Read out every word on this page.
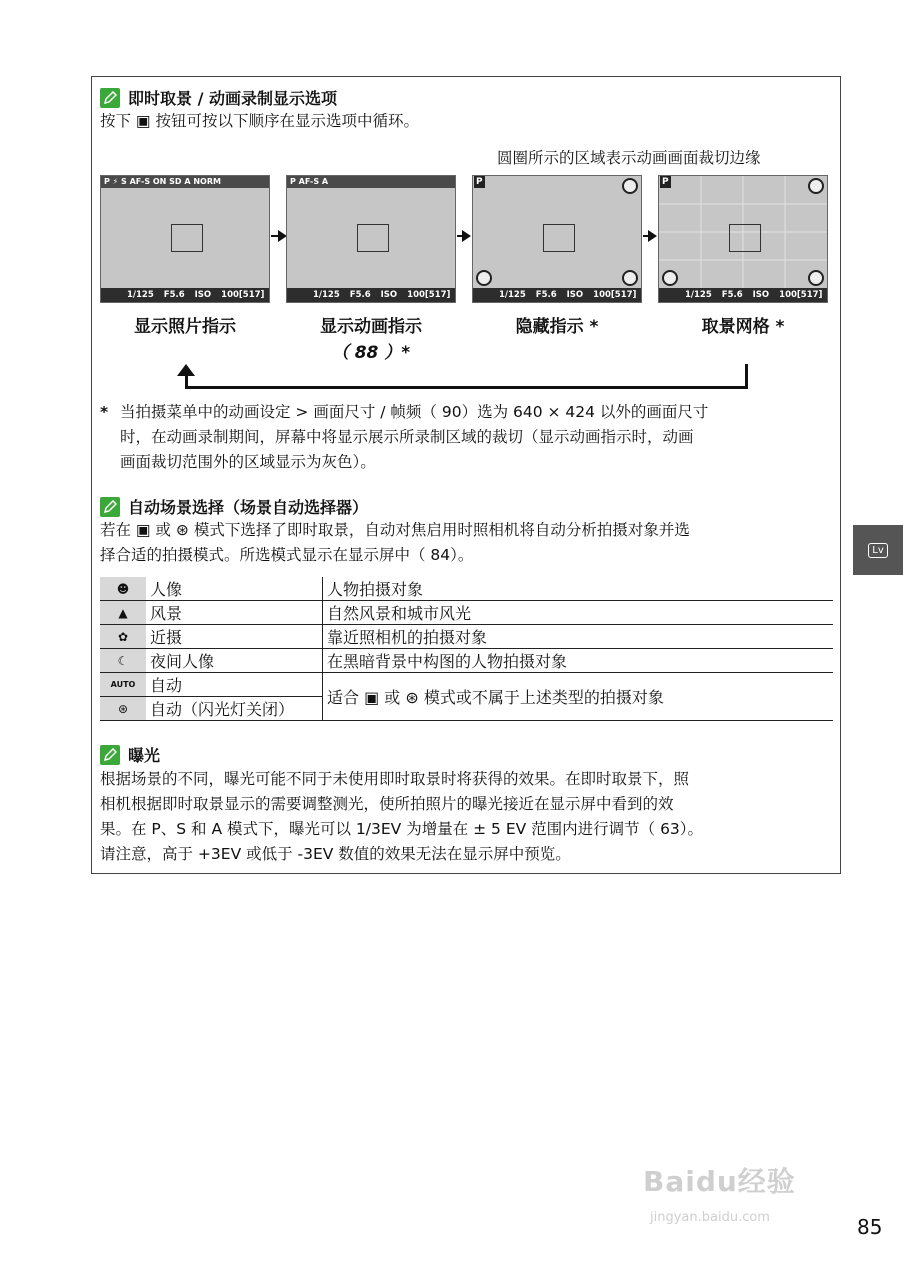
即时取景 / 动画录制显示选项
按下 ▣ 按钮可按以下顺序在显示选项中循环。
圆圈所示的区域表示动画画面裁切边缘
P ⚡ S AF-S ON SD A NORM
1/125 F5.6 ISO 100[517]
P AF-S A
1/125 F5.6 ISO 100[517]
P
1/125 F5.6 ISO 100[517]
P
1/125 F5.6 ISO 100[517]
显示照片指示	显示动画指示
（ 88 ）*
隐藏指示 *	取景网格 *
* 当拍摄菜单中的动画设定 > 画面尺寸 / 帧频（ 90）选为 640 × 424 以外的画面尺寸
时，在动画录制期间，屏幕中将显示展示所录制区域的裁切（显示动画指示时，动画
画面裁切范围外的区域显示为灰色）。
自动场景选择（场景自动选择器）
若在 ▣ 或 ⊛ 模式下选择了即时取景，自动对焦启用时照相机将自动分析拍摄对象并选
择合适的拍摄模式。所选模式显示在显示屏中（ 84）。
☻	人像	人物拍摄对象
▲	风景	自然风景和城市风光
✿	近摄	靠近照相机的拍摄对象
☾	夜间人像	在黑暗背景中构图的人物拍摄对象
AUTO	自动	适合 ▣ 或 ⊛ 模式或不属于上述类型的拍摄对象
⊛	自动（闪光灯关闭）	
曝光
根据场景的不同，曝光可能不同于未使用即时取景时将获得的效果。在即时取景下，照
相机根据即时取景显示的需要调整测光，使所拍照片的曝光接近在显示屏中看到的效
果。在 P、S 和 A 模式下，曝光可以 1/3EV 为增量在 ± 5 EV 范围内进行调节（ 63）。
请注意，高于 +3EV 或低于 -3EV 数值的效果无法在显示屏中预览。
Lv
Baidu经验
jingyan.baidu.com	85
